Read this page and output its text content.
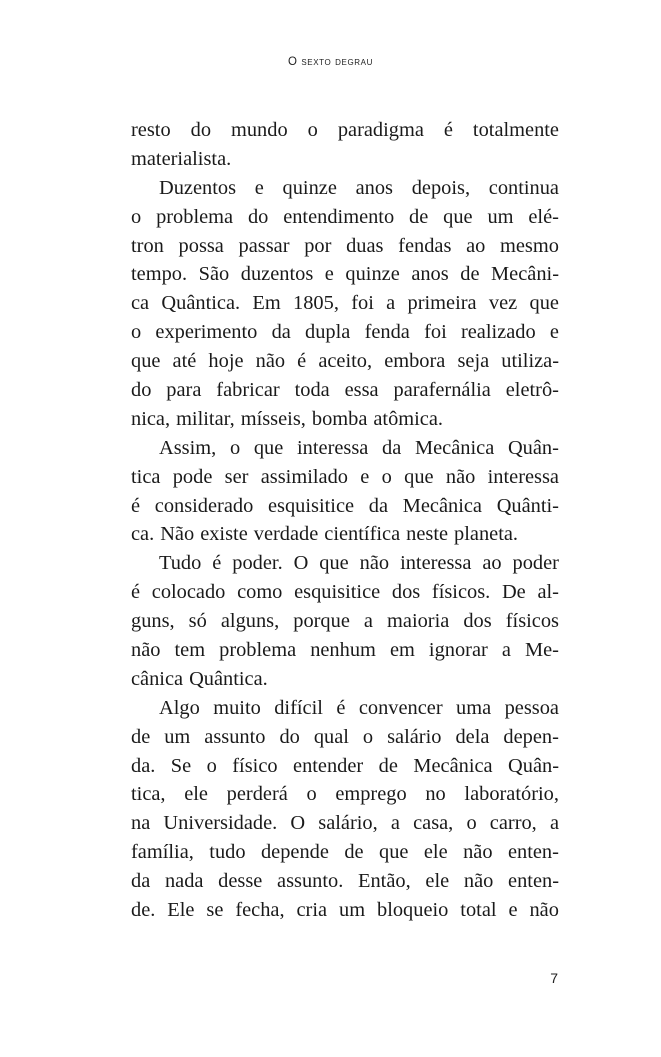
O sexto degrau
resto do mundo o paradigma é totalmente
materialista.
Duzentos e quinze anos depois, continua
o problema do entendimento de que um elé-
tron possa passar por duas fendas ao mesmo
tempo. São duzentos e quinze anos de Mecâni-
ca Quântica. Em 1805, foi a primeira vez que
o experimento da dupla fenda foi realizado e
que até hoje não é aceito, embora seja utiliza-
do para fabricar toda essa parafernália eletrô-
nica, militar, mísseis, bomba atômica.
Assim, o que interessa da Mecânica Quân-
tica pode ser assimilado e o que não interessa
é considerado esquisitice da Mecânica Quânti-
ca. Não existe verdade científica neste planeta.
Tudo é poder. O que não interessa ao poder
é colocado como esquisitice dos físicos. De al-
guns, só alguns, porque a maioria dos físicos
não tem problema nenhum em ignorar a Me-
cânica Quântica.
Algo muito difícil é convencer uma pessoa
de um assunto do qual o salário dela depen-
da. Se o físico entender de Mecânica Quân-
tica, ele perderá o emprego no laboratório,
na Universidade. O salário, a casa, o carro, a
família, tudo depende de que ele não enten-
da nada desse assunto. Então, ele não enten-
de. Ele se fecha, cria um bloqueio total e não
7
